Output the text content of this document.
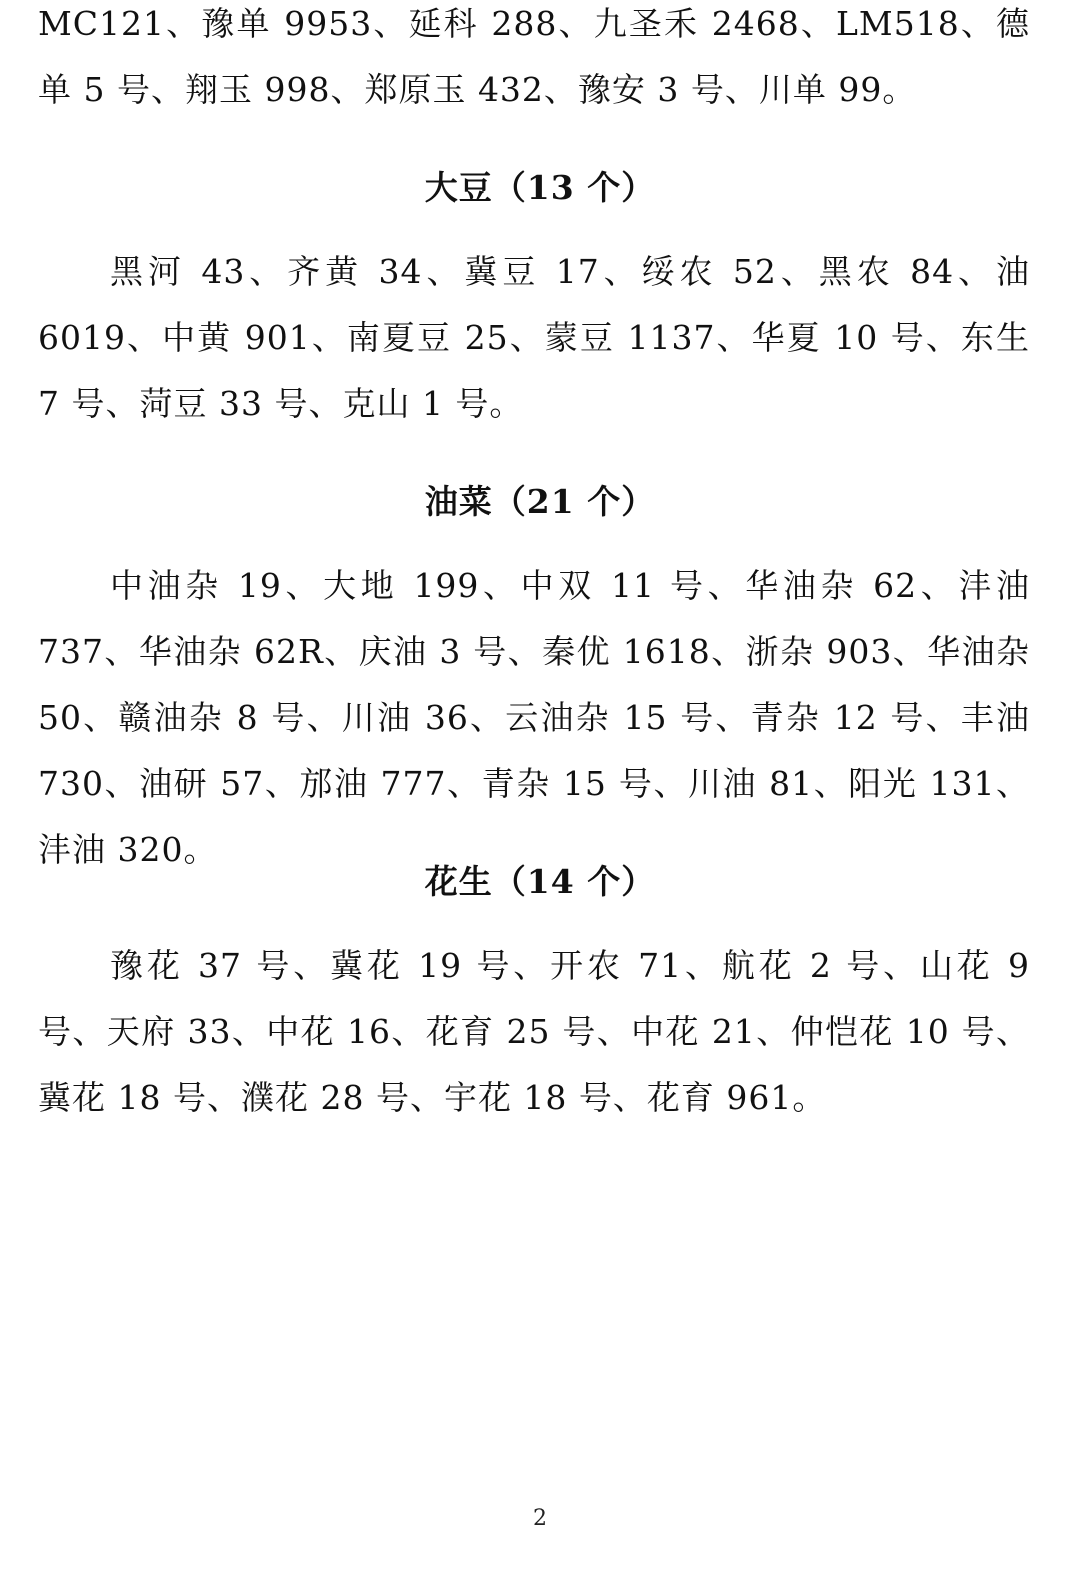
MC121、豫单 9953、延科 288、九圣禾 2468、LM518、德单 5 号、翔玉 998、郑原玉 432、豫安 3 号、川单 99。

大豆（13 个）

黑河 43、齐黄 34、冀豆 17、绥农 52、黑农 84、油 6019、中黄 901、南夏豆 25、蒙豆 1137、华夏 10 号、东生 7 号、菏豆 33 号、克山 1 号。

油菜（21 个）

中油杂 19、大地 199、中双 11 号、华油杂 62、沣油 737、华油杂 62R、庆油 3 号、秦优 1618、浙杂 903、华油杂 50、赣油杂 8 号、川油 36、云油杂 15 号、青杂 12 号、丰油 730、油研 57、邡油 777、青杂 15 号、川油 81、阳光 131、沣油 320。

花生（14 个）

豫花 37 号、冀花 19 号、开农 71、航花 2 号、山花 9 号、天府 33、中花 16、花育 25 号、中花 21、仲恺花 10 号、冀花 18 号、濮花 28 号、宇花 18 号、花育 961。

2
